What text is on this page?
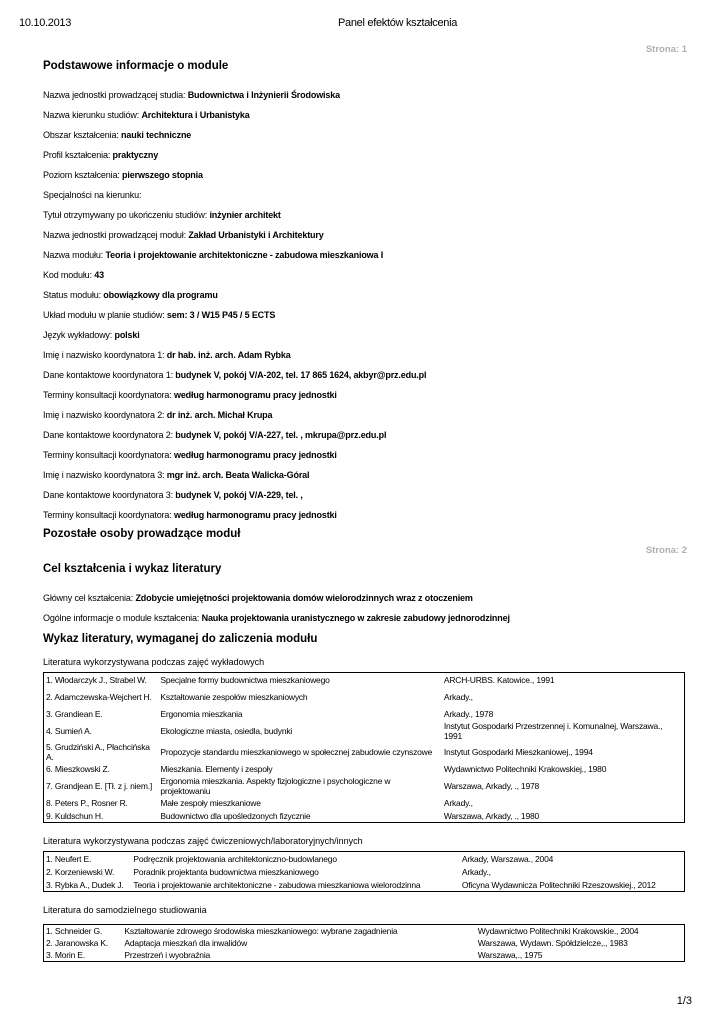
10.10.2013	Panel efektów kształcenia
Strona: 1
Strona: 2
Podstawowe informacje o module
Nazwa jednostki prowadzącej studia: Budownictwa i Inżynierii Środowiska
Nazwa kierunku studiów: Architektura i Urbanistyka
Obszar kształcenia: nauki techniczne
Profil kształcenia: praktyczny
Poziom kształcenia: pierwszego stopnia
Specjalności na kierunku:
Tytuł otrzymywany po ukończeniu studiów: inżynier architekt
Nazwa jednostki prowadzącej moduł: Zakład Urbanistyki i Architektury
Nazwa modułu: Teoria i projektowanie architektoniczne - zabudowa mieszkaniowa I
Kod modułu: 43
Status modułu: obowiązkowy dla programu
Układ modułu w planie studiów: sem: 3 / W15 P45 / 5 ECTS
Język wykładowy: polski
Imię i nazwisko koordynatora 1: dr hab. inż. arch. Adam Rybka
Dane kontaktowe koordynatora 1: budynek V, pokój V/A-202, tel. 17 865 1624, akbyr@prz.edu.pl
Terminy konsultacji koordynatora: według harmonogramu pracy jednostki
Imię i nazwisko koordynatora 2: dr inż. arch. Michał Krupa
Dane kontaktowe koordynatora 2: budynek V, pokój V/A-227, tel. , mkrupa@prz.edu.pl
Terminy konsultacji koordynatora: według harmonogramu pracy jednostki
Imię i nazwisko koordynatora 3: mgr inż. arch. Beata Walicka-Góral
Dane kontaktowe koordynatora 3: budynek V, pokój V/A-229, tel. ,
Terminy konsultacji koordynatora: według harmonogramu pracy jednostki
Pozostałe osoby prowadzące moduł
Cel kształcenia i wykaz literatury
Główny cel kształcenia: Zdobycie umiejętności projektowania domów wielorodzinnych wraz z otoczeniem
Ogólne informacje o module kształcenia: Nauka projektowania uranistycznego w zakresie zabudowy jednorodzinnej
Wykaz literatury, wymaganej do zaliczenia modułu
Literatura wykorzystywana podczas zajęć wykładowych
1. Włodarczyk J., Strabel W.	Specjalne formy budownictwa mieszkaniowego	ARCH-URBS. Katowice., 1991
2. Adamczewska-Wejchert H.	Kształtowanie zespołów mieszkaniowych	Arkady.,
3. Grandiean E.	Ergonomia mieszkania	Arkady., 1978
4. Sumień A.	Ekologiczne miasta, osiedla, budynki	Instytut Gospodarki Przestrzennej i. Komunalnej, Warszawa., 1991
5. Grudziński A., Płachcińska A.	Propozycje standardu mieszkaniowego w społecznej zabudowie czynszowe	Instytut Gospodarki Mieszkaniowej., 1994
6. Mieszkowski Z.	Mieszkania. Elementy i zespoły	Wydawnictwo Politechniki Krakowskiej., 1980
7. Grandjean E. [Tł. z j. niem.]	Ergonomia mieszkania. Aspekty fizjologiczne i psychologiczne w projektowaniu	Warszawa, Arkady, ., 1978
8. Peters P., Rosner R.	Małe zespoły mieszkaniowe	Arkady.,
9. Kuldschun H.	Budownictwo dla upośledzonych fizycznie	Warszawa, Arkady, ., 1980
Literatura wykorzystywana podczas zajęć ćwiczeniowych/laboratoryjnych/innych
1. Neufert E.	Podręcznik projektowania architektoniczno-budowlanego	Arkady, Warszawa., 2004
2. Korzeniewski W.	Poradnik projektanta budownictwa mieszkaniowego	Arkady.,
3. Rybka A., Dudek J.	Teoria i projektowanie architektoniczne - zabudowa mieszkaniowa wielorodzinna	Oficyna Wydawnicza Politechniki Rzeszowskiej., 2012
Literatura do samodzielnego studiowania
1. Schneider G.	Kształtowanie zdrowego środowiska mieszkaniowego: wybrane zagadnienia	Wydawnictwo Politechniki Krakowskie., 2004
2. Jaranowska K.	Adaptacja mieszkań dla inwalidów	Warszawa, Wydawn. Spółdzielcze,., 1983
3. Morin E.	Przestrzeń i wyobraźnia	Warszawa,., 1975
1/3
